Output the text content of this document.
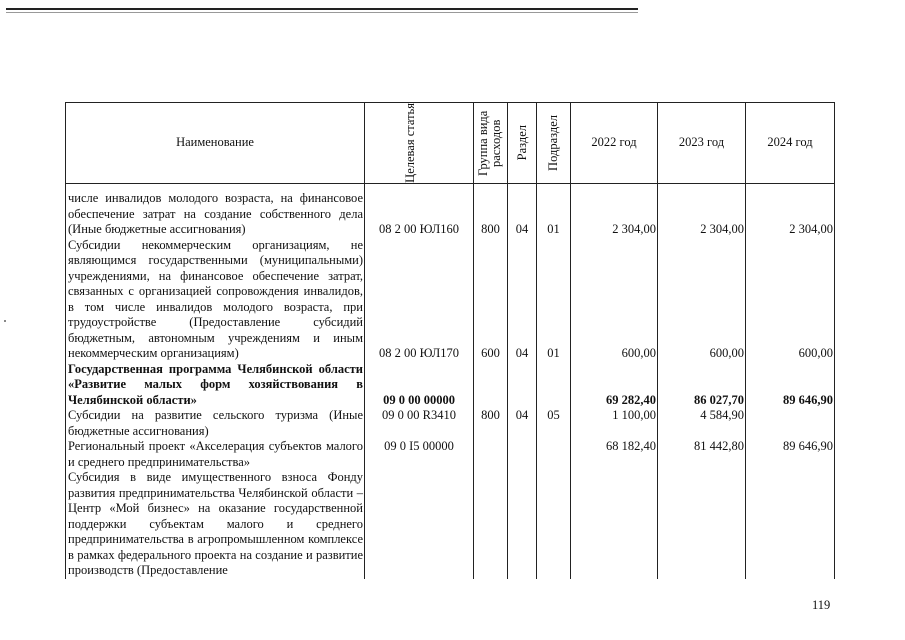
Наименование	Целевая статья	Группа вида расходов	Раздел	Подраздел	2022 год	2023 год	2024 год
числе инвалидов молодого возраста, на финансовое обеспечение затрат на создание собственного дела (Иные бюджетные ассигнования)	08 2 00 ЮЛ160	800	04	01	2 304,00	2 304,00	2 304,00
Субсидии некоммерческим организациям, не являющимся государственными (муниципальными) учреждениями, на финансовое обеспечение затрат, связанных с организацией сопровождения инвалидов, в том числе инвалидов молодого возраста, при трудоустройстве (Предоставление субсидий бюджетным, автономным учреждениям и иным некоммерческим организациям)	08 2 00 ЮЛ170	600	04	01	600,00	600,00	600,00
Государственная программа Челябинской области «Развитие малых форм хозяйствования в Челябинской области»	09 0 00 00000				69 282,40	86 027,70	89 646,90
Субсидии на развитие сельского туризма (Иные бюджетные ассигнования)	09 0 00 R3410	800	04	05	1 100,00	4 584,90	
Региональный проект «Акселерация субъектов малого и среднего предпринимательства»	09 0 I5 00000				68 182,40	81 442,80	89 646,90
Субсидия в виде имущественного взноса Фонду развития предпринимательства Челябинской области – Центр «Мой бизнес» на оказание государственной поддержки субъектам малого и среднего предпринимательства в агропромышленном комплексе в рамках федерального проекта на создание и развитие производств (Предоставление							
119
